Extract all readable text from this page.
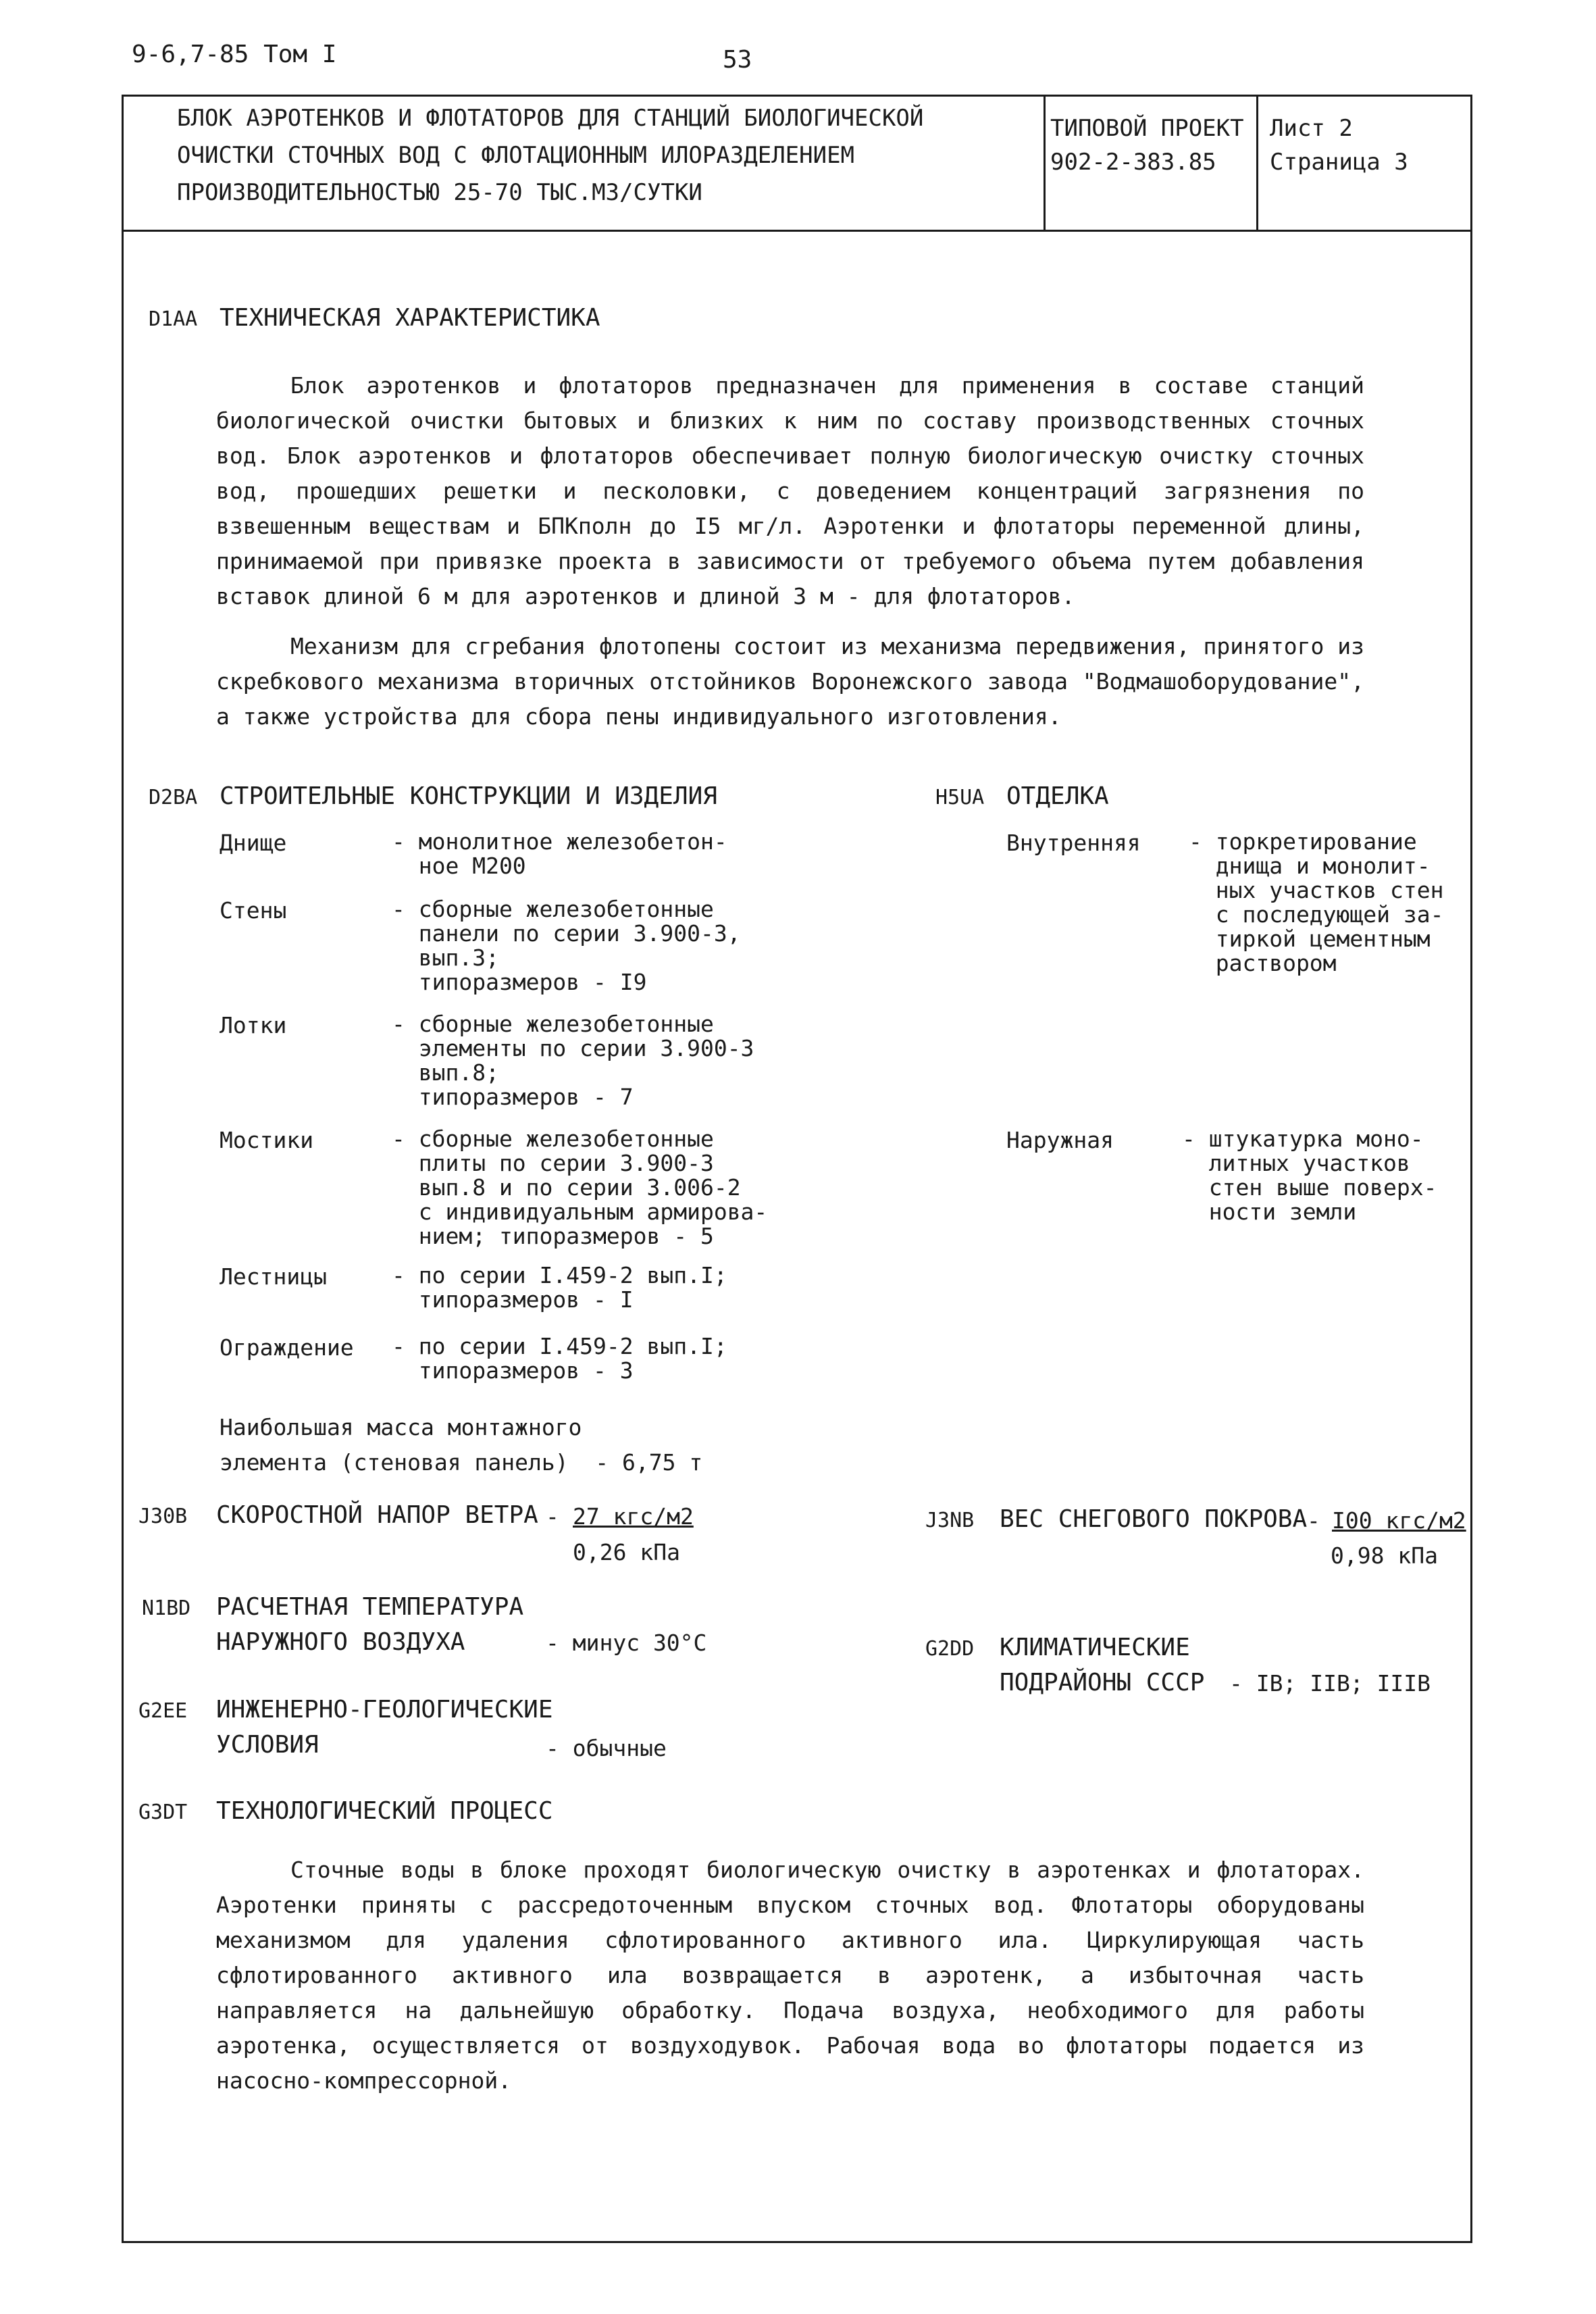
9-6,7-85 Том I	53
БЛОК АЭРОТЕНКОВ И ФЛОТАТОРОВ ДЛЯ СТАНЦИЙ БИОЛОГИЧЕСКОЙ
ОЧИСТКИ СТОЧНЫХ ВОД С ФЛОТАЦИОННЫМ ИЛОРАЗДЕЛЕНИЕМ
ПРОИЗВОДИТЕЛЬНОСТЬЮ 25-70 ТЫС.М3/СУТКИ
ТИПОВОЙ ПРОЕКТ
902-2-383.85
Лист 2
Страница 3
D1AA ТЕХНИЧЕСКАЯ ХАРАКТЕРИСТИКА

Блок аэротенков и флотаторов предназначен для применения в составе станций биологической очистки бытовых и близких к ним по составу производственных сточных вод. Блок аэротенков и флотаторов обеспечивает полную биологическую очистку сточных вод, прошедших решетки и песколовки, с доведением концентраций загрязнения по взвешенным веществам и БПКполн до I5 мг/л. Аэротенки и флотаторы переменной длины, принимаемой при привязке проекта в зависимости от требуемого объема путем добавления вставок длиной 6 м для аэротенков и длиной 3 м - для флотаторов.

Механизм для сгребания флотопены состоит из механизма передвижения, принятого из скребкового механизма вторичных отстойников Воронежского завода "Водмашоборудование", а также устройства для сбора пены индивидуального изготовления.

D2BA СТРОИТЕЛЬНЫЕ КОНСТРУКЦИИ И ИЗДЕЛИЯ
Днище	- монолитное железобетон-
ное М200
Стены	- сборные железобетонные
панели по серии 3.900-3,
вып.3;
типоразмеров - I9
Лотки	- сборные железобетонные
элементы по серии 3.900-3
вып.8;
типоразмеров - 7
Мостики	- сборные железобетонные
плиты по серии 3.900-3
вып.8 и по серии 3.006-2
с индивидуальным армирова-
нием; типоразмеров - 5
Лестницы	- по серии I.459-2 вып.I;
типоразмеров - I
Ограждение - по серии I.459-2 вып.I;
типоразмеров - 3
Наибольшая масса монтажного
элемента (стеновая панель)  - 6,75 т
H5UA ОТДЕЛКА
Внутренняя - торкретирование
днища и монолит-
ных участков стен
с последующей за-
тиркой цементным
раствором
Наружная	- штукатурка моно-
литных участков
стен выше поверх-
ности земли
J30B СКОРОСТНОЙ НАПОР ВЕТРА - 27 кгс/м2
0,26 кПа
J3NB ВЕС СНЕГОВОГО ПОКРОВА - I00 кгс/м2
0,98 кПа
N1BD РАСЧЕТНАЯ ТЕМПЕРАТУРА
НАРУЖНОГО ВОЗДУХА	- минус 30°С	G2DD КЛИМАТИЧЕСКИЕ
ПОДРАЙОНЫ СССР - IВ; IIВ; IIIВ
G2EE ИНЖЕНЕРНО-ГЕОЛОГИЧЕСКИЕ
УСЛОВИЯ	- обычные
G3DT ТЕХНОЛОГИЧЕСКИЙ ПРОЦЕСС

Сточные воды в блоке проходят биологическую очистку в аэротенках и флотаторах. Аэротенки приняты с рассредоточенным впуском сточных вод. Флотаторы оборудованы механизмом для удаления сфлотированного активного ила. Циркулирующая часть сфлотированного активного ила возвращается в аэротенк, а избыточная часть направляется на дальнейшую обработку. Подача воздуха, необходимого для работы аэротенка, осуществляется от воздуходувок. Рабочая вода во флотаторы подается из насосно-компрессорной.
